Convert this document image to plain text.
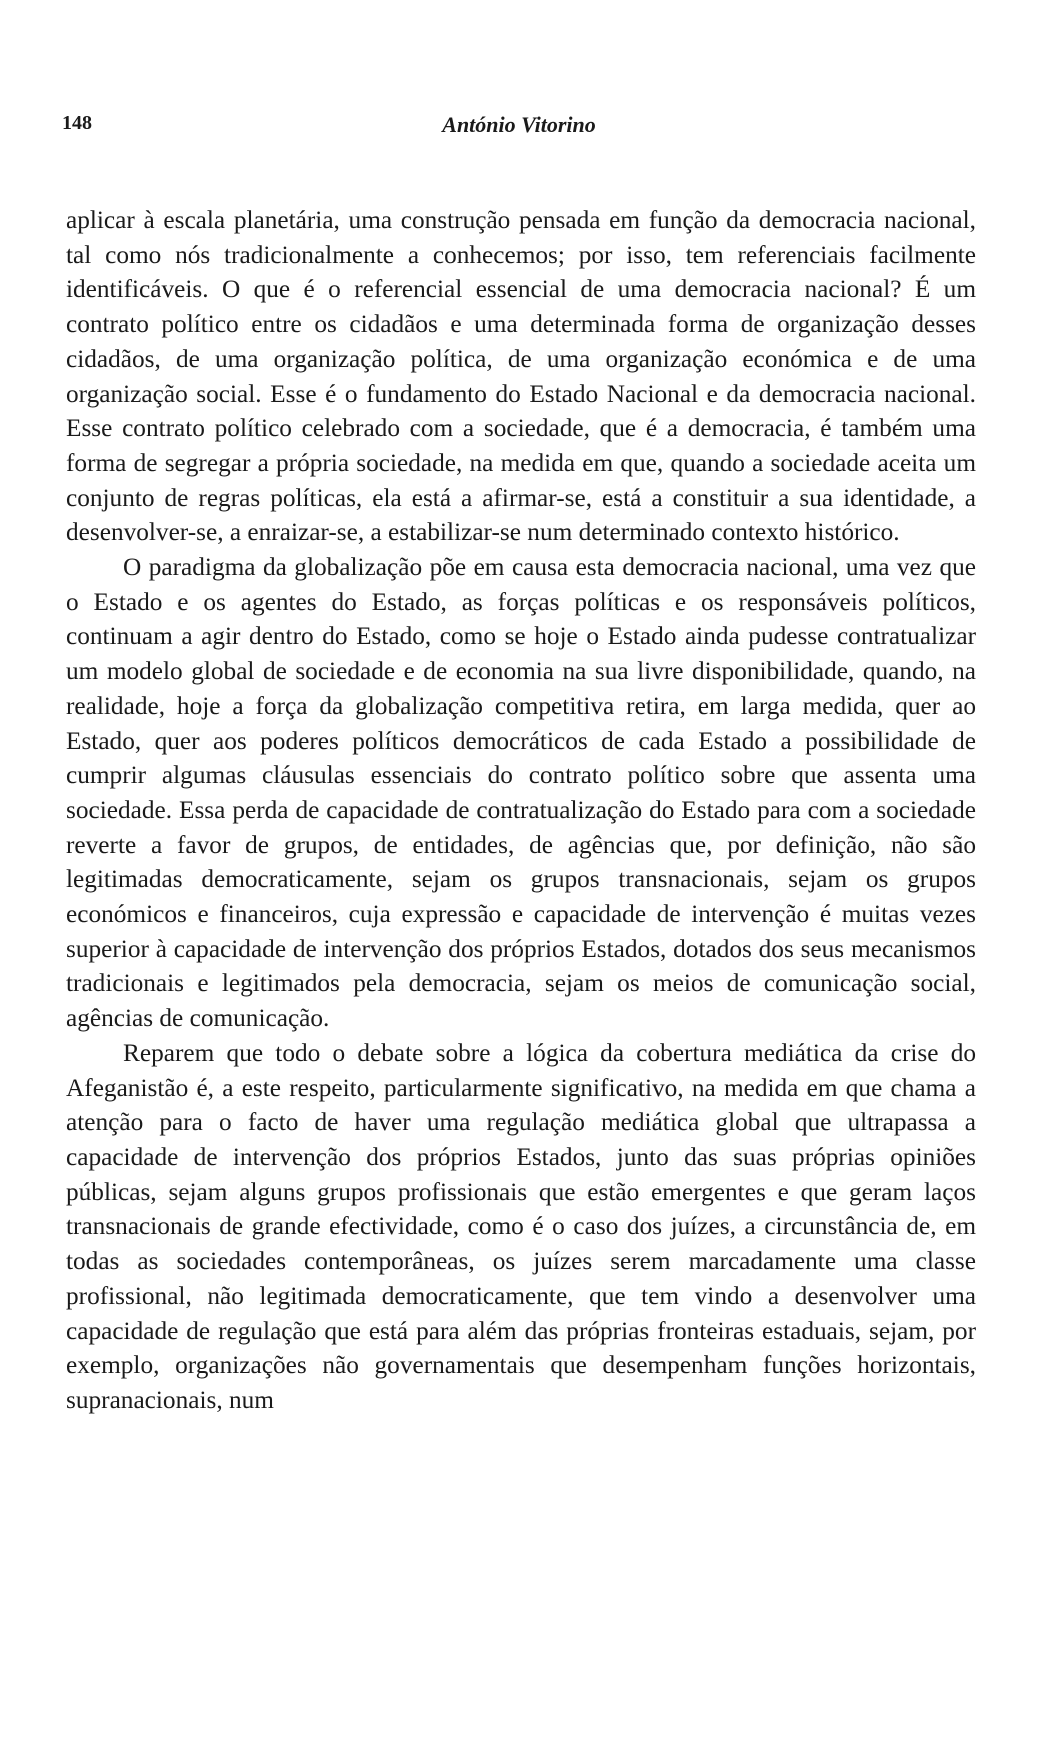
148	António Vitorino

aplicar à escala planetária, uma construção pensada em função da democracia nacional, tal como nós tradicionalmente a conhecemos; por isso, tem referenciais facilmente identificáveis. O que é o referencial essencial de uma democracia nacional? É um contrato político entre os cidadãos e uma determinada forma de organização desses cidadãos, de uma organização política, de uma organização económica e de uma organização social. Esse é o fundamento do Estado Nacional e da democracia nacional. Esse contrato político celebrado com a sociedade, que é a democracia, é também uma forma de segregar a própria sociedade, na medida em que, quando a sociedade aceita um conjunto de regras políticas, ela está a afirmar-se, está a constituir a sua identidade, a desenvolver-se, a enraizar-se, a estabilizar-se num determinado contexto histórico.

O paradigma da globalização põe em causa esta democracia nacional, uma vez que o Estado e os agentes do Estado, as forças políticas e os responsáveis políticos, continuam a agir dentro do Estado, como se hoje o Estado ainda pudesse contratualizar um modelo global de sociedade e de economia na sua livre disponibilidade, quando, na realidade, hoje a força da globalização competitiva retira, em larga medida, quer ao Estado, quer aos poderes políticos democráticos de cada Estado a possibilidade de cumprir algumas cláusulas essenciais do contrato político sobre que assenta uma sociedade. Essa perda de capacidade de contratualização do Estado para com a sociedade reverte a favor de grupos, de entidades, de agências que, por definição, não são legitimadas democraticamente, sejam os grupos transnacionais, sejam os grupos económicos e financeiros, cuja expressão e capacidade de intervenção é muitas vezes superior à capacidade de intervenção dos próprios Estados, dotados dos seus mecanismos tradicionais e legitimados pela democracia, sejam os meios de comunicação social, agências de comunicação.

Reparem que todo o debate sobre a lógica da cobertura mediática da crise do Afeganistão é, a este respeito, particularmente significativo, na medida em que chama a atenção para o facto de haver uma regulação mediática global que ultrapassa a capacidade de intervenção dos próprios Estados, junto das suas próprias opiniões públicas, sejam alguns grupos profissionais que estão emergentes e que geram laços transnacionais de grande efectividade, como é o caso dos juízes, a circunstância de, em todas as sociedades contemporâneas, os juízes serem marcadamente uma classe profissional, não legitimada democraticamente, que tem vindo a desenvolver uma capacidade de regulação que está para além das próprias fronteiras estaduais, sejam, por exemplo, organizações não governamentais que desempenham funções horizontais, supranacionais, num
